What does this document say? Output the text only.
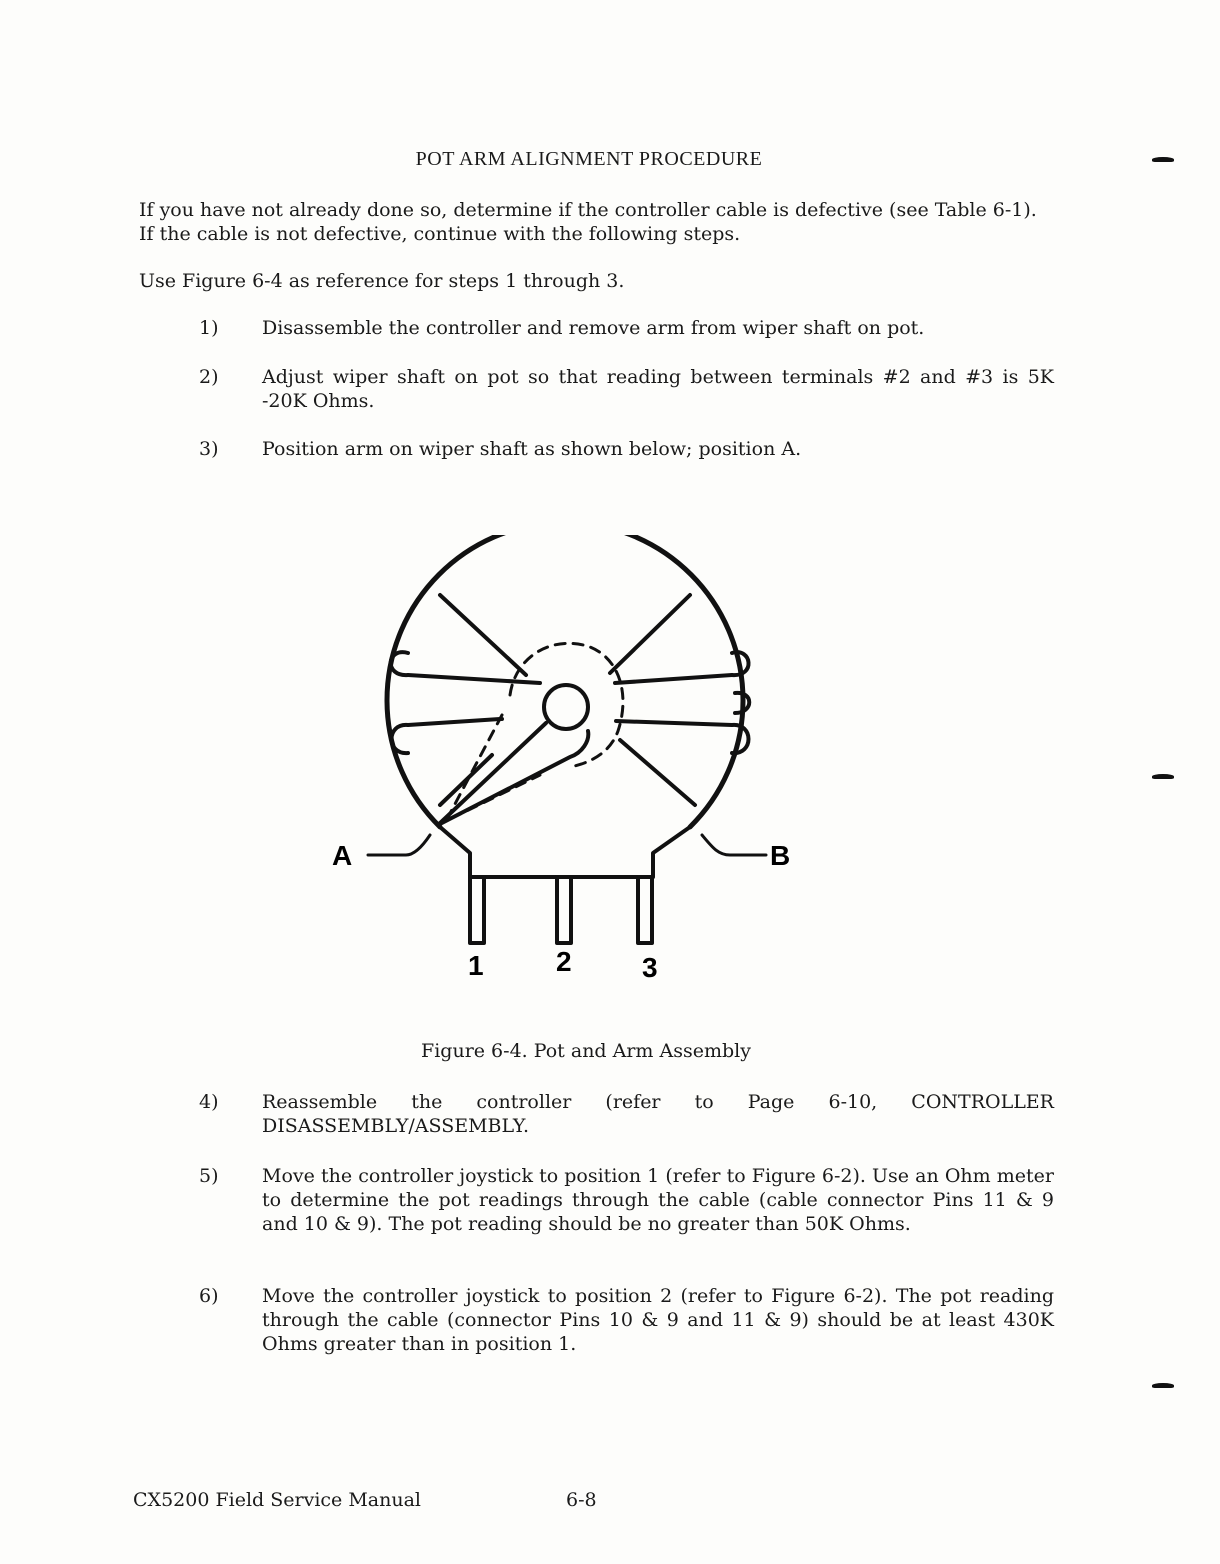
POT ARM ALIGNMENT PROCEDURE
If you have not already done so, determine if the controller cable is defective (see Table 6-1). If the cable is not defective, continue with the following steps.
Use Figure 6-4 as reference for steps 1 through 3.
1) Disassemble the controller and remove arm from wiper shaft on pot.
2) Adjust wiper shaft on pot so that reading between terminals #2 and #3 is 5K -20K Ohms.
3) Position arm on wiper shaft as shown below; position A.
A	B
1	2	3
Figure 6-4. Pot and Arm Assembly
4) Reassemble the controller (refer to Page 6-10, CONTROLLER DISASSEMBLY/ASSEMBLY.
5) Move the controller joystick to position 1 (refer to Figure 6-2). Use an Ohm meter to determine the pot readings through the cable (cable connector Pins 11 & 9 and 10 & 9). The pot reading should be no greater than 50K Ohms.
6) Move the controller joystick to position 2 (refer to Figure 6-2). The pot reading through the cable (connector Pins 10 & 9 and 11 & 9) should be at least 430K Ohms greater than in position 1.
CX5200 Field Service Manual	6-8
